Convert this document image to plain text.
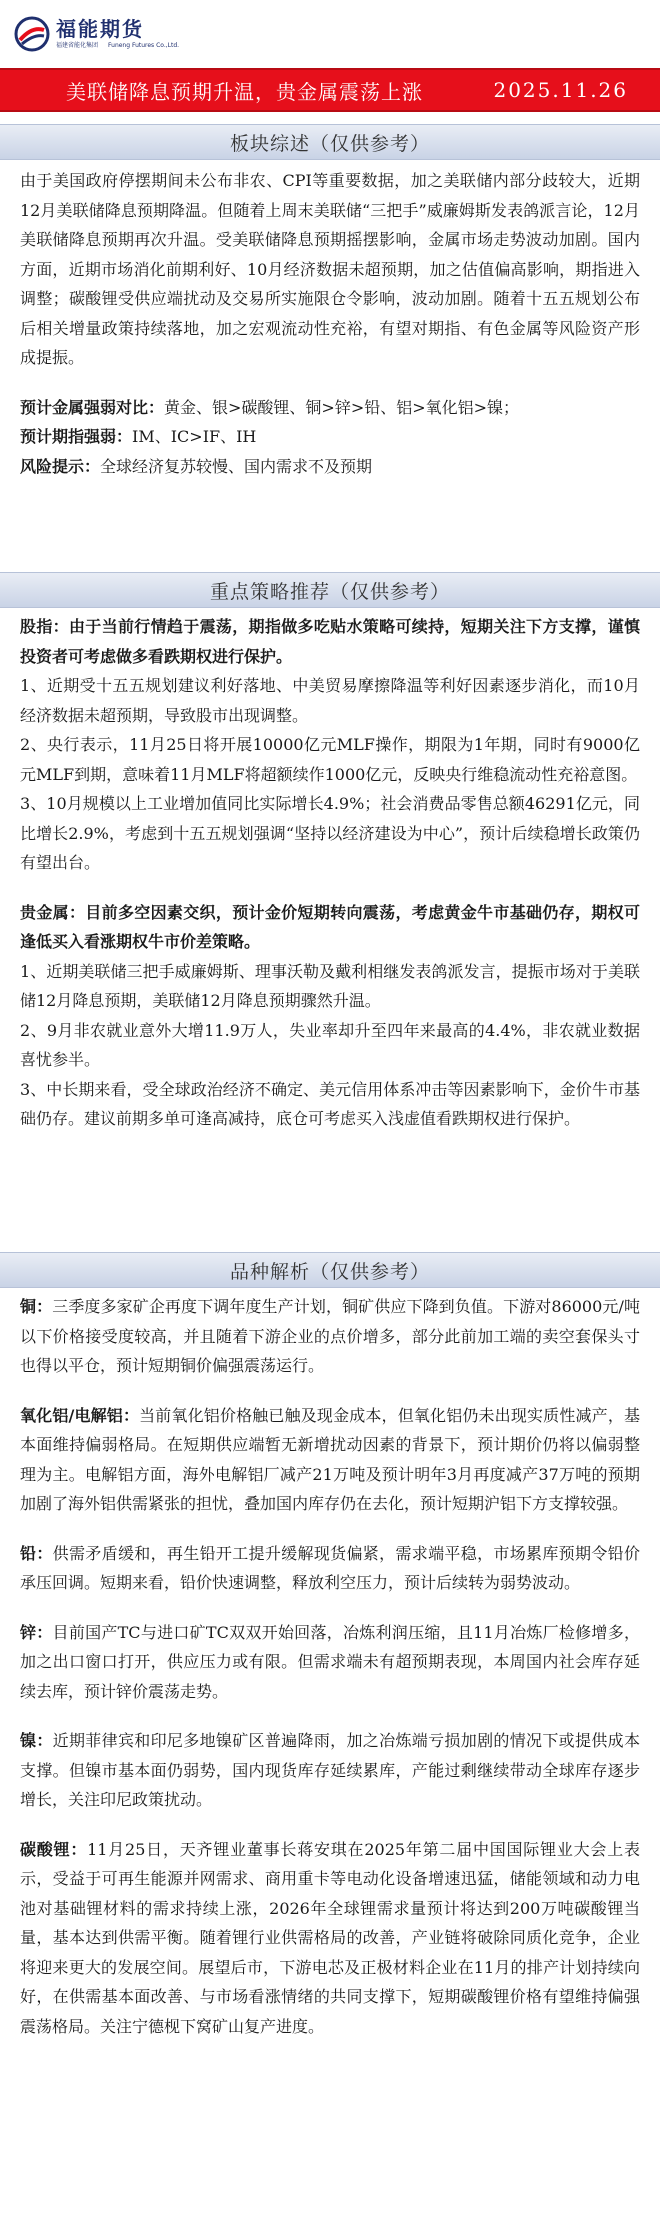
福能期货
福建省能化集团 Funeng Futures Co.,Ltd.
美联储降息预期升温，贵金属震荡上涨	2025.11.26
板块综述（仅供参考）

由于美国政府停摆期间未公布非农、CPI等重要数据，加之美联储内部分歧较大，近期12月美联储降息预期降温。但随着上周末美联储“三把手”威廉姆斯发表鸽派言论，12月美联储降息预期再次升温。受美联储降息预期摇摆影响，金属市场走势波动加剧。国内方面，近期市场消化前期利好、10月经济数据未超预期，加之估值偏高影响，期指进入调整；碳酸锂受供应端扰动及交易所实施限仓令影响，波动加剧。随着十五五规划公布后相关增量政策持续落地，加之宏观流动性充裕，有望对期指、有色金属等风险资产形成提振。

预计金属强弱对比：黄金、银>碳酸锂、铜>锌>铅、铝>氧化铝>镍；

预计期指强弱：IM、IC>IF、IH

风险提示：全球经济复苏较慢、国内需求不及预期

重点策略推荐（仅供参考）

股指：由于当前行情趋于震荡，期指做多吃贴水策略可续持，短期关注下方支撑，谨慎投资者可考虑做多看跌期权进行保护。

1、近期受十五五规划建议利好落地、中美贸易摩擦降温等利好因素逐步消化，而10月经济数据未超预期，导致股市出现调整。

2、央行表示，11月25日将开展10000亿元MLF操作，期限为1年期，同时有9000亿元MLF到期，意味着11月MLF将超额续作1000亿元，反映央行维稳流动性充裕意图。

3、10月规模以上工业增加值同比实际增长4.9%；社会消费品零售总额46291亿元，同比增长2.9%，考虑到十五五规划强调“坚持以经济建设为中心”，预计后续稳增长政策仍有望出台。

贵金属：目前多空因素交织，预计金价短期转向震荡，考虑黄金牛市基础仍存，期权可逢低买入看涨期权牛市价差策略。

1、近期美联储三把手威廉姆斯、理事沃勒及戴利相继发表鸽派发言，提振市场对于美联储12月降息预期，美联储12月降息预期骤然升温。

2、9月非农就业意外大增11.9万人，失业率却升至四年来最高的4.4%，非农就业数据喜忧参半。

3、中长期来看，受全球政治经济不确定、美元信用体系冲击等因素影响下，金价牛市基础仍存。建议前期多单可逢高减持，底仓可考虑买入浅虚值看跌期权进行保护。

品种解析（仅供参考）

铜：三季度多家矿企再度下调年度生产计划，铜矿供应下降到负值。下游对86000元/吨以下价格接受度较高，并且随着下游企业的点价增多，部分此前加工端的卖空套保头寸也得以平仓，预计短期铜价偏强震荡运行。

氧化铝/电解铝：当前氧化铝价格触已触及现金成本，但氧化铝仍未出现实质性减产，基本面维持偏弱格局。在短期供应端暂无新增扰动因素的背景下，预计期价仍将以偏弱整理为主。电解铝方面，海外电解铝厂减产21万吨及预计明年3月再度减产37万吨的预期加剧了海外铝供需紧张的担忧，叠加国内库存仍在去化，预计短期沪铝下方支撑较强。

铅：供需矛盾缓和，再生铅开工提升缓解现货偏紧，需求端平稳，市场累库预期令铅价承压回调。短期来看，铅价快速调整，释放利空压力，预计后续转为弱势波动。

锌：目前国产TC与进口矿TC双双开始回落，冶炼利润压缩，且11月冶炼厂检修增多，加之出口窗口打开，供应压力或有限。但需求端未有超预期表现，本周国内社会库存延续去库，预计锌价震荡走势。

镍：近期菲律宾和印尼多地镍矿区普遍降雨，加之冶炼端亏损加剧的情况下或提供成本支撑。但镍市基本面仍弱势，国内现货库存延续累库，产能过剩继续带动全球库存逐步增长，关注印尼政策扰动。

碳酸锂：11月25日，天齐锂业董事长蒋安琪在2025年第二届中国国际锂业大会上表示，受益于可再生能源并网需求、商用重卡等电动化设备增速迅猛，储能领域和动力电池对基础锂材料的需求持续上涨，2026年全球锂需求量预计将达到200万吨碳酸锂当量，基本达到供需平衡。随着锂行业供需格局的改善，产业链将破除同质化竞争，企业将迎来更大的发展空间。展望后市，下游电芯及正极材料企业在11月的排产计划持续向好，在供需基本面改善、与市场看涨情绪的共同支撑下，短期碳酸锂价格有望维持偏强震荡格局。关注宁德枧下窝矿山复产进度。
